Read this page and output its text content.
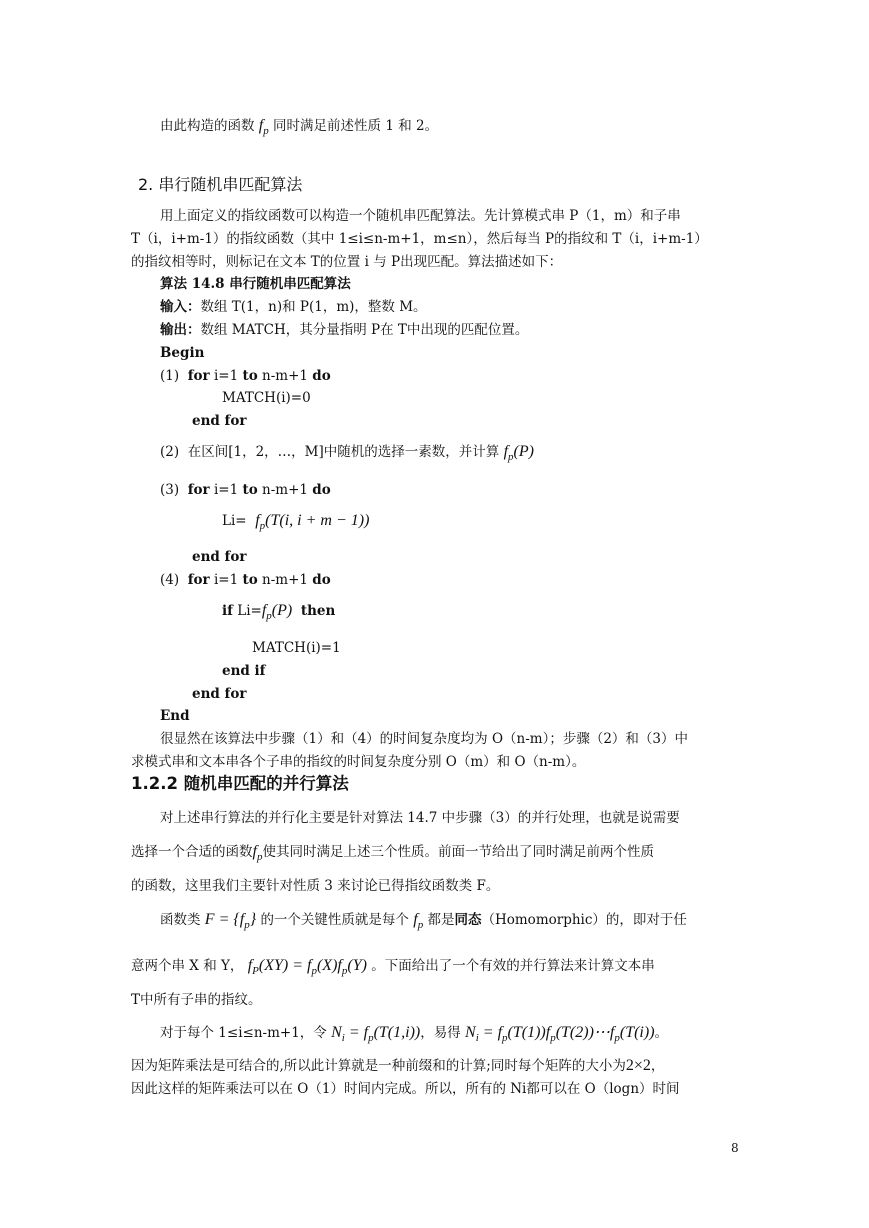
由此构造的函数 $f_p$ 同时满足前述性质 1 和 2。
2. 串行随机串匹配算法
用上面定义的指纹函数可以构造一个随机串匹配算法。先计算模式串 P（1，m）和子串
T（i，i+m-1）的指纹函数（其中 1≤i≤n-m+1，m≤n），然后每当 P的指纹和 T（i，i+m-1）
的指纹相等时，则标记在文本 T的位置 i 与 P出现匹配。算法描述如下：
算法 14.8 串行随机串匹配算法
输入：数组 T(1，n)和 P(1，m)，整数 M。
输出：数组 MATCH，其分量指明 P在 T中出现的匹配位置。
Begin
(1) for i=1 to n-m+1 do
MATCH(i)=0
end for
(2) 在区间[1，2，…，M]中随机的选择一素数，并计算 $f_p(P)$
(3) for i=1 to n-m+1 do
$Li= f_p(T(i$, i + m − 1))
end for
(4) for i=1 to n-m+1 do
if $Li=f_p(P)$ then
MATCH(i)=1
end if
end for
End
很显然在该算法中步骤（1）和（4）的时间复杂度均为 O（n-m）；步骤（2）和（3）中
求模式串和文本串各个子串的指纹的时间复杂度分别 O（m）和 O（n-m）。
1.2.2 随机串匹配的并行算法
对上述串行算法的并行化主要是针对算法 14.7 中步骤（3）的并行处理，也就是说需要
选择一个合适的函数$f_p$使其同时满足上述三个性质。前面一节给出了同时满足前两个性质
的函数，这里我们主要针对性质 3 来讨论已得指纹函数类 F。
函数类 $F = \{f_p\}$ 的一个关键性质就是每个 $f_p$ 都是同态（Homomorphic）的，即对于任
意两个串 X 和 Y， $f_P(XY) = f_p(X)f_p(Y)$ 。下面给出了一个有效的并行算法来计算文本串
T中所有子串的指纹。
对于每个 1≤i≤n-m+1，令 $N_i = f_p(T(1,i))$，易得 $N_i$ = $f_p(T(1))f_p(T(2))\cdots f_p(T(i))$。
因为矩阵乘法是可结合的,所以此计算就是一种前缀和的计算;同时每个矩阵的大小为2×2，
因此这样的矩阵乘法可以在 O（1）时间内完成。所以，所有的 Ni都可以在 O（logn）时间
8
